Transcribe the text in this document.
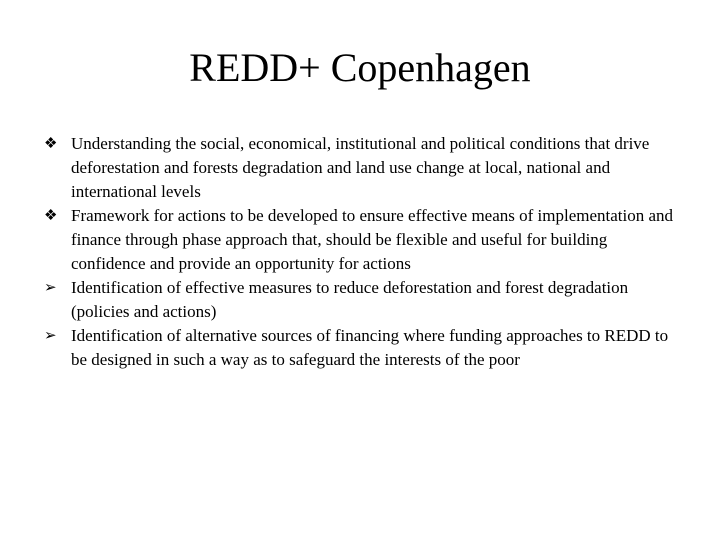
REDD+ Copenhagen
❖ Understanding the social, economical, institutional and political conditions that drive deforestation and forests degradation and land use change at local, national and international levels
❖ Framework for actions to be developed to ensure effective means of implementation and finance through phase approach that, should be flexible and useful for building confidence and provide an opportunity for actions
➢ Identification of effective measures to reduce deforestation and forest degradation (policies and actions)
➢ Identification of alternative sources of financing where funding approaches to REDD to be designed in such a way as to safeguard the interests of the poor
